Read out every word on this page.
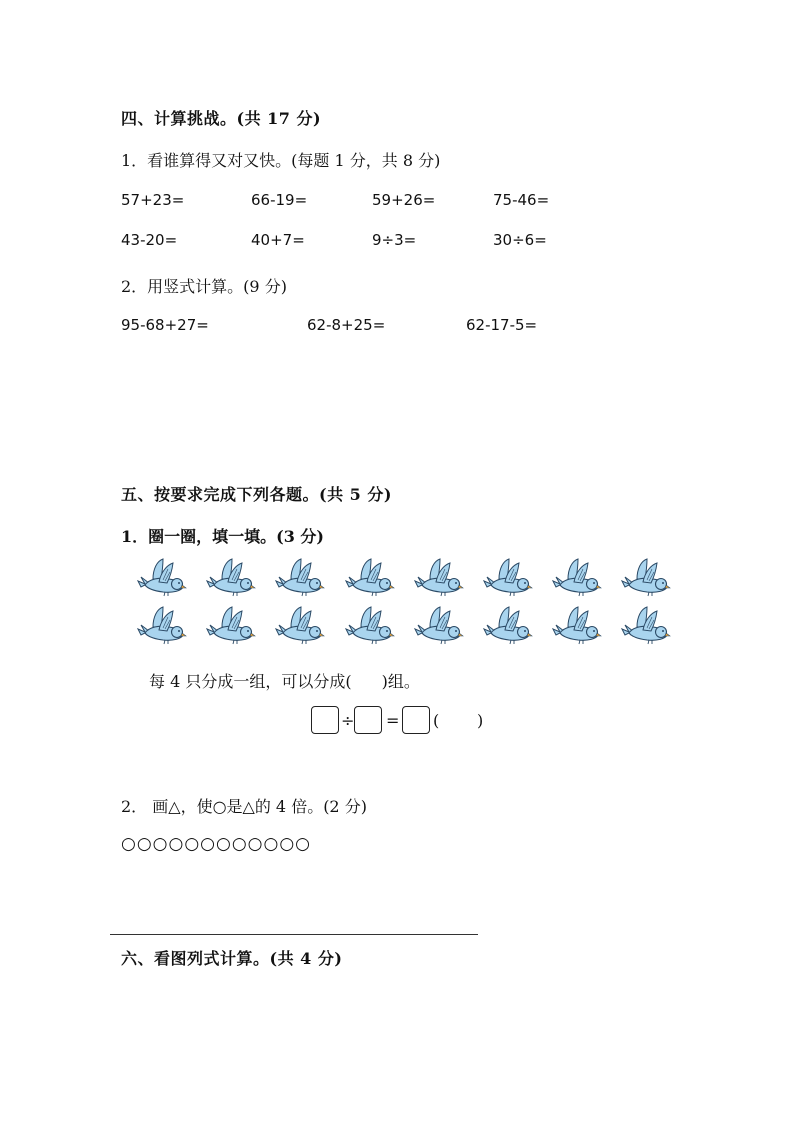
四、计算挑战。(共 17 分)
1．看谁算得又对又快。(每题 1 分，共 8 分)
57+23=	66-19=	59+26=	75-46=
43-20=	40+7=	9÷3=	30÷6=
2．用竖式计算。(9 分)
95-68+27=	62-8+25=	62-17-5=
五、按要求完成下列各题。(共 5 分)
1．圈一圈，填一填。(3 分)
每 4 只分成一组，可以分成( )组。
÷ = ( )
2． 画△，使○是△的 4 倍。(2 分)
○○○○○○○○○○○○
六、看图列式计算。(共 4 分)
